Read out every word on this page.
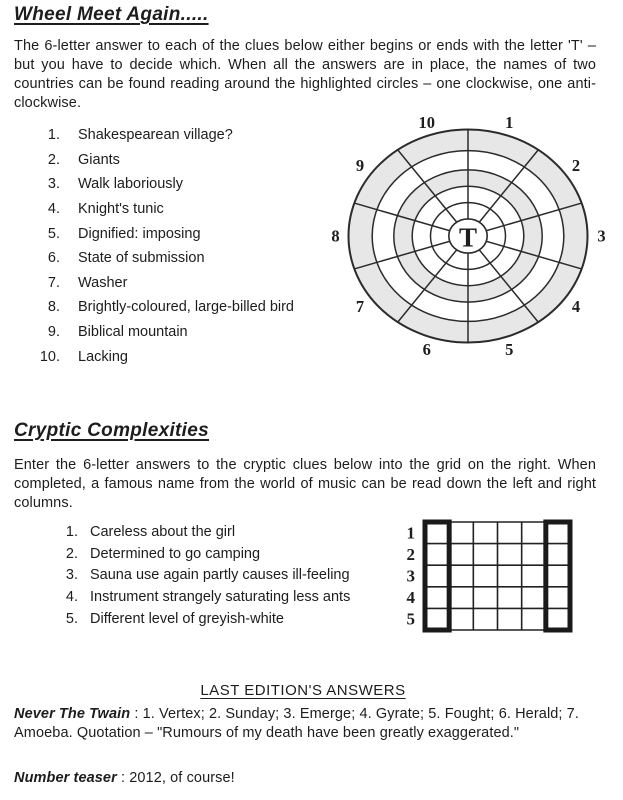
Wheel Meet Again.....
The 6-letter answer to each of the clues below either begins or ends with the letter 'T' – but you have to decide which. When all the answers are in place, the names of two countries can be found reading around the highlighted circles – one clockwise, one anti-clockwise.
1. Shakespearean village?
2. Giants
3. Walk laboriously
4. Knight's tunic
5. Dignified: imposing
6. State of submission
7. Washer
8. Brightly-coloured, large-billed bird
9. Biblical mountain
10. Lacking
T
1
2
3
4
5
6
7
8
9
10
Cryptic Complexities
Enter the 6-letter answers to the cryptic clues below into the grid on the right. When completed, a famous name from the world of music can be read down the left and right columns.
1. Careless about the girl
2. Determined to go camping
3. Sauna use again partly causes ill-feeling
4. Instrument strangely saturating less ants
5. Different level of greyish-white
1
2
3
4
5
LAST EDITION'S ANSWERS
Never The Twain : 1. Vertex; 2. Sunday; 3. Emerge; 4. Gyrate; 5. Fought; 6. Herald; 7. Amoeba. Quotation – "Rumours of my death have been greatly exaggerated."
Number teaser : 2012, of course!
